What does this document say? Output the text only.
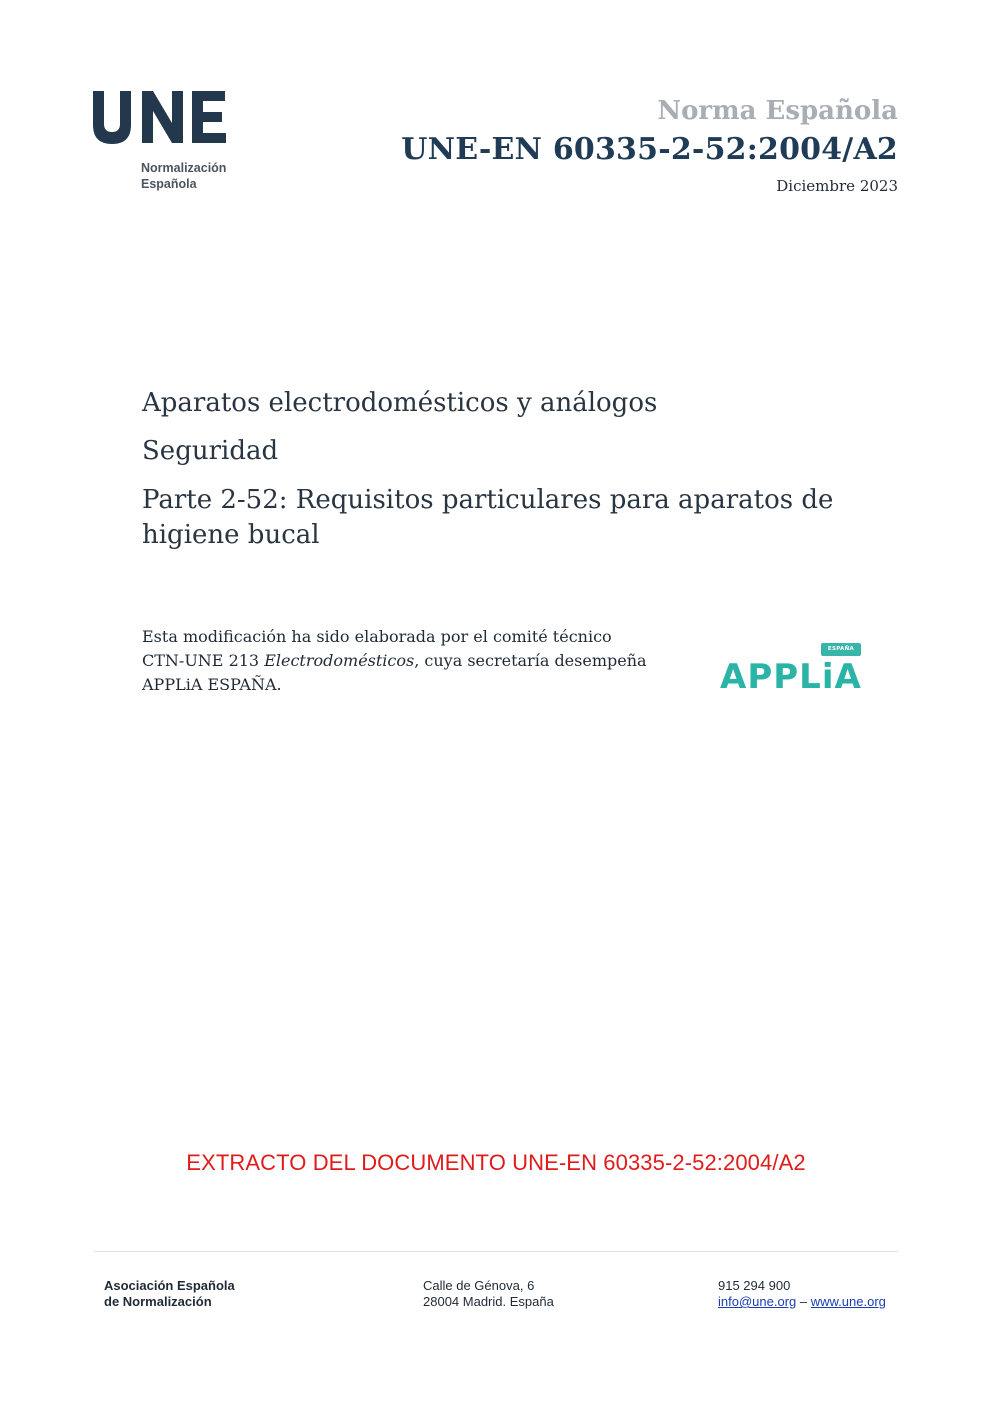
Normalización
Española
Norma Española
UNE-EN 60335-2-52:2004/A2
Diciembre 2023
Aparatos electrodomésticos y análogos
Seguridad
Parte 2-52: Requisitos particulares para aparatos de higiene bucal

Esta modificación ha sido elaborada por el comité técnico

CTN-UNE 213 Electrodomésticos, cuya secretaría desempeña

APPLiA ESPAÑA.

ESPAÑA
APPLiA
EXTRACTO DEL DOCUMENTO UNE-EN 60335-2-52:2004/A2
Asociación Española
de Normalización
Calle de Génova, 6
28004 Madrid. España
915 294 900
info@une.org – www.une.org
